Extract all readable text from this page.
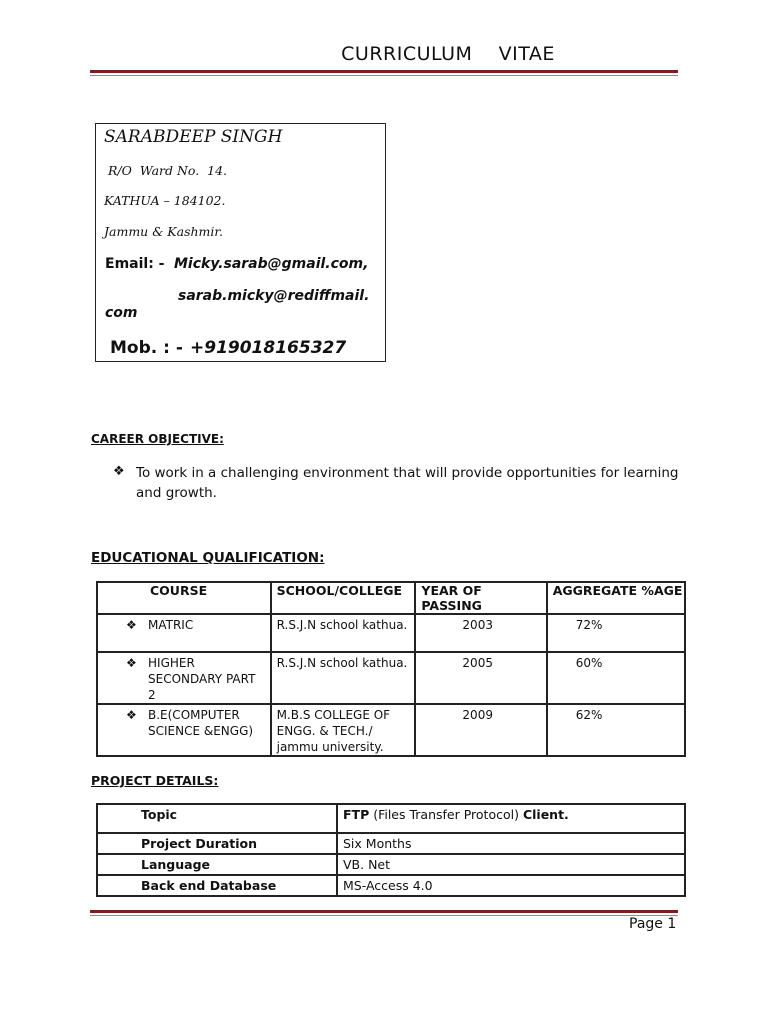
CURRICULUM    VITAE
SARABDEEP SINGH
R/O  Ward No.  14.
KATHUA – 184102.
Jammu & Kashmir.
Email: - Micky.sarab@gmail.com,
sarab.micky@rediffmail.
com
Mob. : - +919018165327
CAREER OBJECTIVE:
❖ To work in a challenging environment that will provide opportunities for learning and growth.
EDUCATIONAL QUALIFICATION:
COURSE	SCHOOL/COLLEGE	YEAR OF PASSING	AGGREGATE %AGE

❖ MATRIC	R.S.J.N school kathua.	2003	72%

❖ HIGHER SECONDARY PART 2	R.S.J.N school kathua.	2005	60%

❖ B.E(COMPUTER SCIENCE &ENGG)	M.B.S COLLEGE OF ENGG. & TECH./ jammu university.	2009	62%
PROJECT DETAILS:
Topic	FTP (Files Transfer Protocol) Client.
Project Duration	Six Months
Language	VB. Net
Back end Database	MS-Access 4.0
Page 1
